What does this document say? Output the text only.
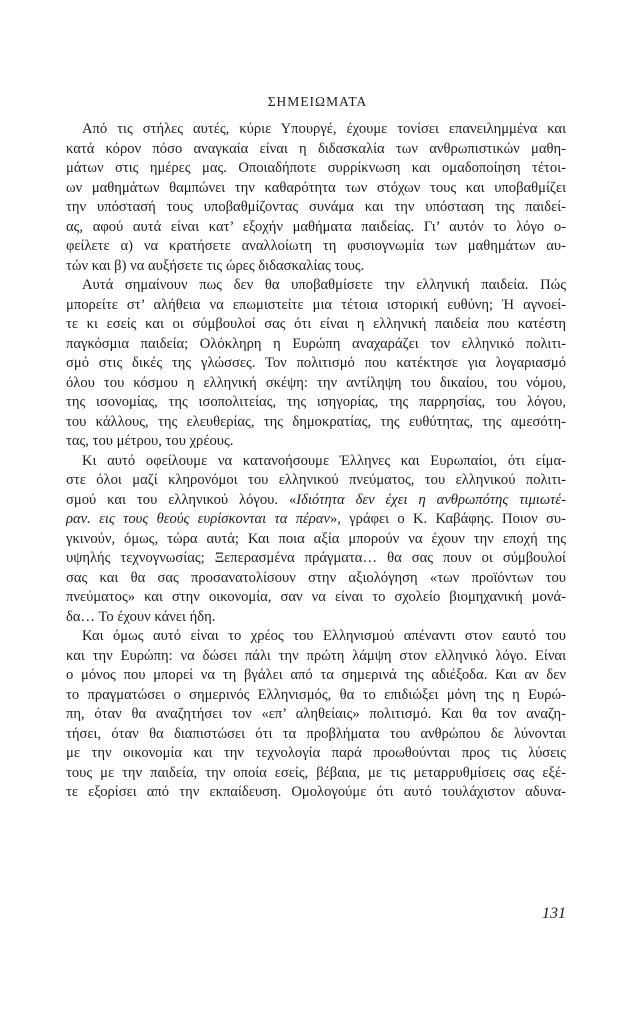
ΣΗΜΕΙΩΜΑΤΑ
Από τις στήλες αυτές, κύριε Υπουργέ, έχουμε τονίσει επανειλημμένα και
κατά κόρον πόσο αναγκαία είναι η διδασκαλία των ανθρωπιστικών μαθη-
μάτων στις ημέρες μας. Οποιαδήποτε συρρίκνωση και ομαδοποίηση τέτοι-
ων μαθημάτων θαμπώνει την καθαρότητα των στόχων τους και υποβαθμίζει
την υπόστασή τους υποβαθμίζοντας συνάμα και την υπόσταση της παιδεί-
ας, αφού αυτά είναι κατ’ εξοχήν μαθήματα παιδείας. Γι’ αυτόν το λόγο ο-
φείλετε α) να κρατήσετε αναλλοίωτη τη φυσιογνωμία των μαθημάτων αυ-
τών και β) να αυξήσετε τις ώρες διδασκαλίας τους.
Αυτά σημαίνουν πως δεν θα υποβαθμίσετε την ελληνική παιδεία. Πώς
μπορείτε στ’ αλήθεια να επωμιστείτε μια τέτοια ιστορική ευθύνη; Ή αγνοεί-
τε κι εσείς και οι σύμβουλοί σας ότι είναι η ελληνική παιδεία που κατέστη
παγκόσμια παιδεία; Ολόκληρη η Ευρώπη αναχαράζει τον ελληνικό πολιτι-
σμό στις δικές της γλώσσες. Τον πολιτισμό που κατέκτησε για λογαριασμό
όλου του κόσμου η ελληνική σκέψη: την αντίληψη του δικαίου, του νόμου,
της ισονομίας, της ισοπολιτείας, της ισηγορίας, της παρρησίας, του λόγου,
του κάλλους, της ελευθερίας, της δημοκρατίας, της ευθύτητας, της αμεσότη-
τας, του μέτρου, του χρέους.
Κι αυτό οφείλουμε να κατανοήσουμε Έλληνες και Ευρωπαίοι, ότι είμα-
στε όλοι μαζί κληρονόμοι του ελληνικού πνεύματος, του ελληνικού πολιτι-
σμού και του ελληνικού λόγου. «Ιδιότητα δεν έχει η ανθρωπότης τιμιωτέ-
ραν. εις τους θεούς ευρίσκονται τα πέραν», γράφει ο Κ. Καβάφης. Ποιον συ-
γκινούν, όμως, τώρα αυτά; Και ποια αξία μπορούν να έχουν την εποχή της
υψηλής τεχνογνωσίας; Ξεπερασμένα πράγματα… θα σας πουν οι σύμβουλοί
σας και θα σας προσανατολίσουν στην αξιολόγηση «των προϊόντων του
πνεύματος» και στην οικονομία, σαν να είναι το σχολείο βιομηχανική μονά-
δα… Το έχουν κάνει ήδη.
Και όμως αυτό είναι το χρέος του Ελληνισμού απέναντι στον εαυτό του
και την Ευρώπη: να δώσει πάλι την πρώτη λάμψη στον ελληνικό λόγο. Είναι
ο μόνος που μπορεί να τη βγάλει από τα σημερινά της αδιέξοδα. Και αν δεν
το πραγματώσει ο σημερινός Ελληνισμός, θα το επιδιώξει μόνη της η Ευρώ-
πη, όταν θα αναζητήσει τον «επ’ αληθείαις» πολιτισμό. Και θα τον αναζη-
τήσει, όταν θα διαπιστώσει ότι τα προβλήματα του ανθρώπου δε λύνονται
με την οικονομία και την τεχνολογία παρά προωθούνται προς τις λύσεις
τους με την παιδεία, την οποία εσείς, βέβαια, με τις μεταρρυθμίσεις σας εξέ-
τε εξορίσει από την εκπαίδευση. Ομολογούμε ότι αυτό τουλάχιστον αδυνα-
131
